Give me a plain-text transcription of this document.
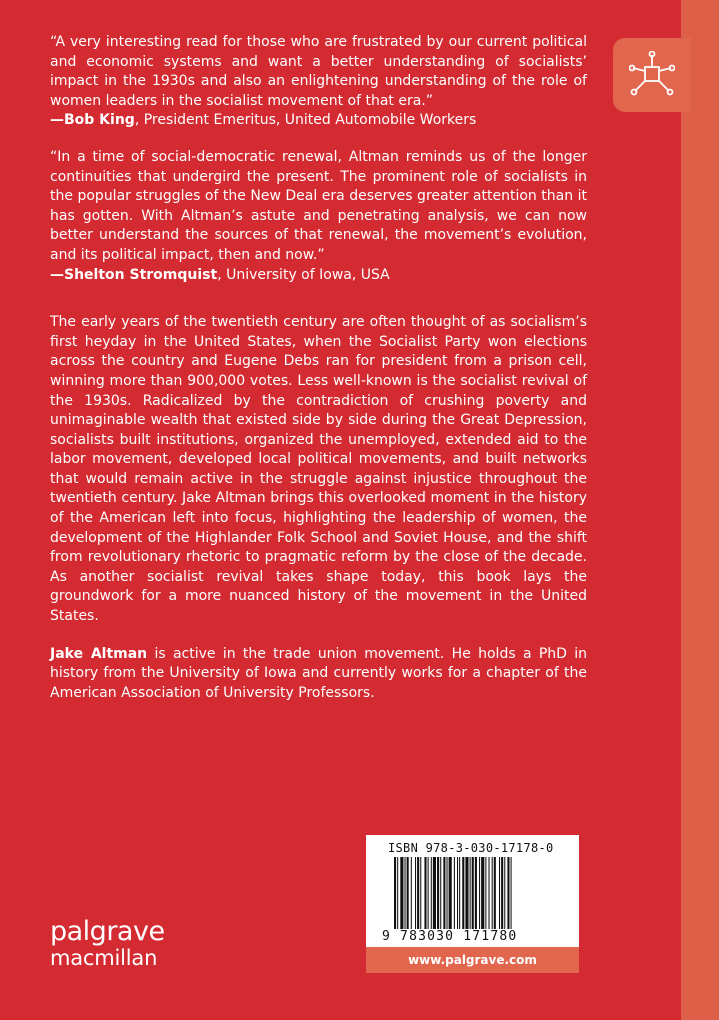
“A very interesting read for those who are frustrated by our current political and economic systems and want a better understanding of socialists’ impact in the 1930s and also an enlightening understanding of the role of women leaders in the socialist movement of that era.”

—Bob King, President Emeritus, United Automobile Workers

“In a time of social-democratic renewal, Altman reminds us of the longer continuities that undergird the present. The prominent role of socialists in the popular struggles of the New Deal era deserves greater attention than it has gotten. With Altman’s astute and penetrating analysis, we can now better understand the sources of that renewal, the movement’s evolution, and its political impact, then and now.”

—Shelton Stromquist, University of Iowa, USA

The early years of the twentieth century are often thought of as socialism’s first heyday in the United States, when the Socialist Party won elections across the country and Eugene Debs ran for president from a prison cell, winning more than 900,000 votes. Less well-known is the socialist revival of the 1930s. Radicalized by the contradiction of crushing poverty and unimaginable wealth that existed side by side during the Great Depression, socialists built institutions, organized the unemployed, extended aid to the labor movement, developed local political movements, and built networks that would remain active in the struggle against injustice throughout the twentieth century. Jake Altman brings this overlooked moment in the history of the American left into focus, highlighting the leadership of women, the development of the Highlander Folk School and Soviet House, and the shift from revolutionary rhetoric to pragmatic reform by the close of the decade. As another socialist revival takes shape today, this book lays the groundwork for a more nuanced history of the movement in the United States.

Jake Altman is active in the trade union movement. He holds a PhD in history from the University of Iowa and currently works for a chapter of the American Association of University Professors.

ISBN 978-3-030-17178-0
9 783030 171780
www.palgrave.com
palgrave
macmillan
